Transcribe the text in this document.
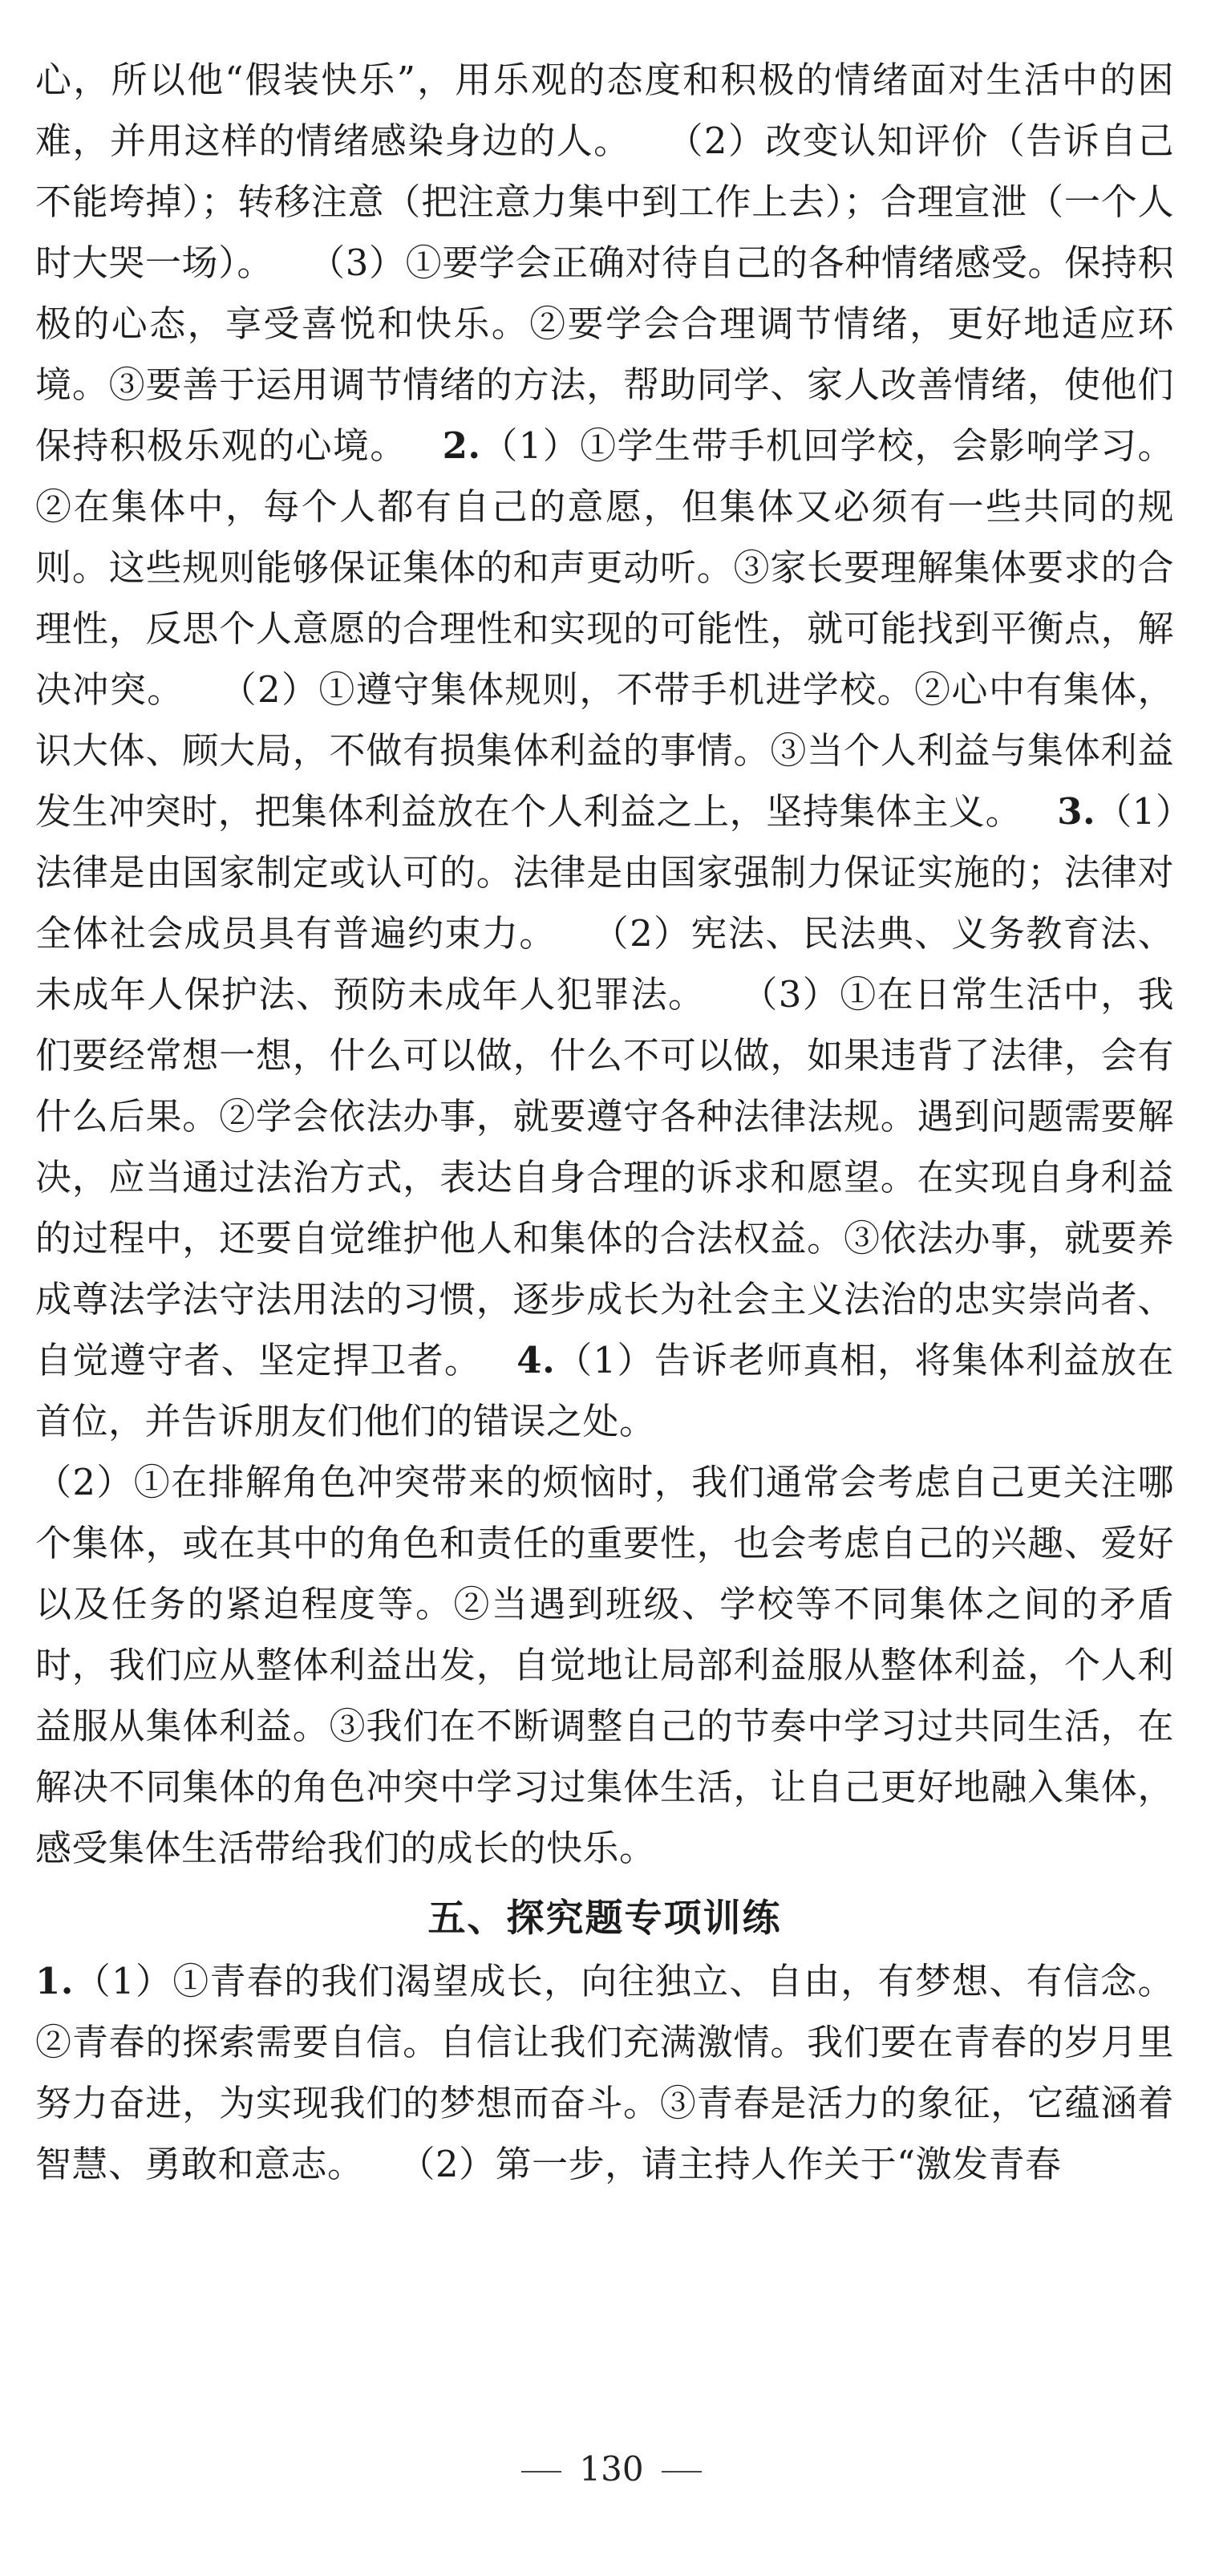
心，所以他“假装快乐”，用乐观的态度和积极的情绪面对生活中的困难，并用这样的情绪感染身边的人。 （2）改变认知评价（告诉自己不能垮掉）；转移注意（把注意力集中到工作上去）；合理宣泄（一个人时大哭一场）。 （3）①要学会正确对待自己的各种情绪感受。保持积极的心态，享受喜悦和快乐。②要学会合理调节情绪，更好地适应环境。③要善于运用调节情绪的方法，帮助同学、家人改善情绪，使他们保持积极乐观的心境。 2.（1）①学生带手机回学校，会影响学习。②在集体中，每个人都有自己的意愿，但集体又必须有一些共同的规则。这些规则能够保证集体的和声更动听。③家长要理解集体要求的合理性，反思个人意愿的合理性和实现的可能性，就可能找到平衡点，解决冲突。 （2）①遵守集体规则，不带手机进学校。②心中有集体，识大体、顾大局，不做有损集体利益的事情。③当个人利益与集体利益发生冲突时，把集体利益放在个人利益之上，坚持集体主义。 3.（1）法律是由国家制定或认可的。法律是由国家强制力保证实施的；法律对全体社会成员具有普遍约束力。 （2）宪法、民法典、义务教育法、未成年人保护法、预防未成年人犯罪法。 （3）①在日常生活中，我们要经常想一想，什么可以做，什么不可以做，如果违背了法律，会有什么后果。②学会依法办事，就要遵守各种法律法规。遇到问题需要解决，应当通过法治方式，表达自身合理的诉求和愿望。在实现自身利益的过程中，还要自觉维护他人和集体的合法权益。③依法办事，就要养成尊法学法守法用法的习惯，逐步成长为社会主义法治的忠实崇尚者、自觉遵守者、坚定捍卫者。 4.（1）告诉老师真相，将集体利益放在首位，并告诉朋友们他们的错误之处。
（2）①在排解角色冲突带来的烦恼时，我们通常会考虑自己更关注哪个集体，或在其中的角色和责任的重要性，也会考虑自己的兴趣、爱好以及任务的紧迫程度等。②当遇到班级、学校等不同集体之间的矛盾时，我们应从整体利益出发，自觉地让局部利益服从整体利益，个人利益服从集体利益。③我们在不断调整自己的节奏中学习过共同生活，在解决不同集体的角色冲突中学习过集体生活，让自己更好地融入集体，感受集体生活带给我们的成长的快乐。
五、探究题专项训练
1.（1）①青春的我们渴望成长，向往独立、自由，有梦想、有信念。②青春的探索需要自信。自信让我们充满激情。我们要在青春的岁月里努力奋进，为实现我们的梦想而奋斗。③青春是活力的象征，它蕴涵着智慧、勇敢和意志。 （2）第一步，请主持人作关于“激发青春
130
